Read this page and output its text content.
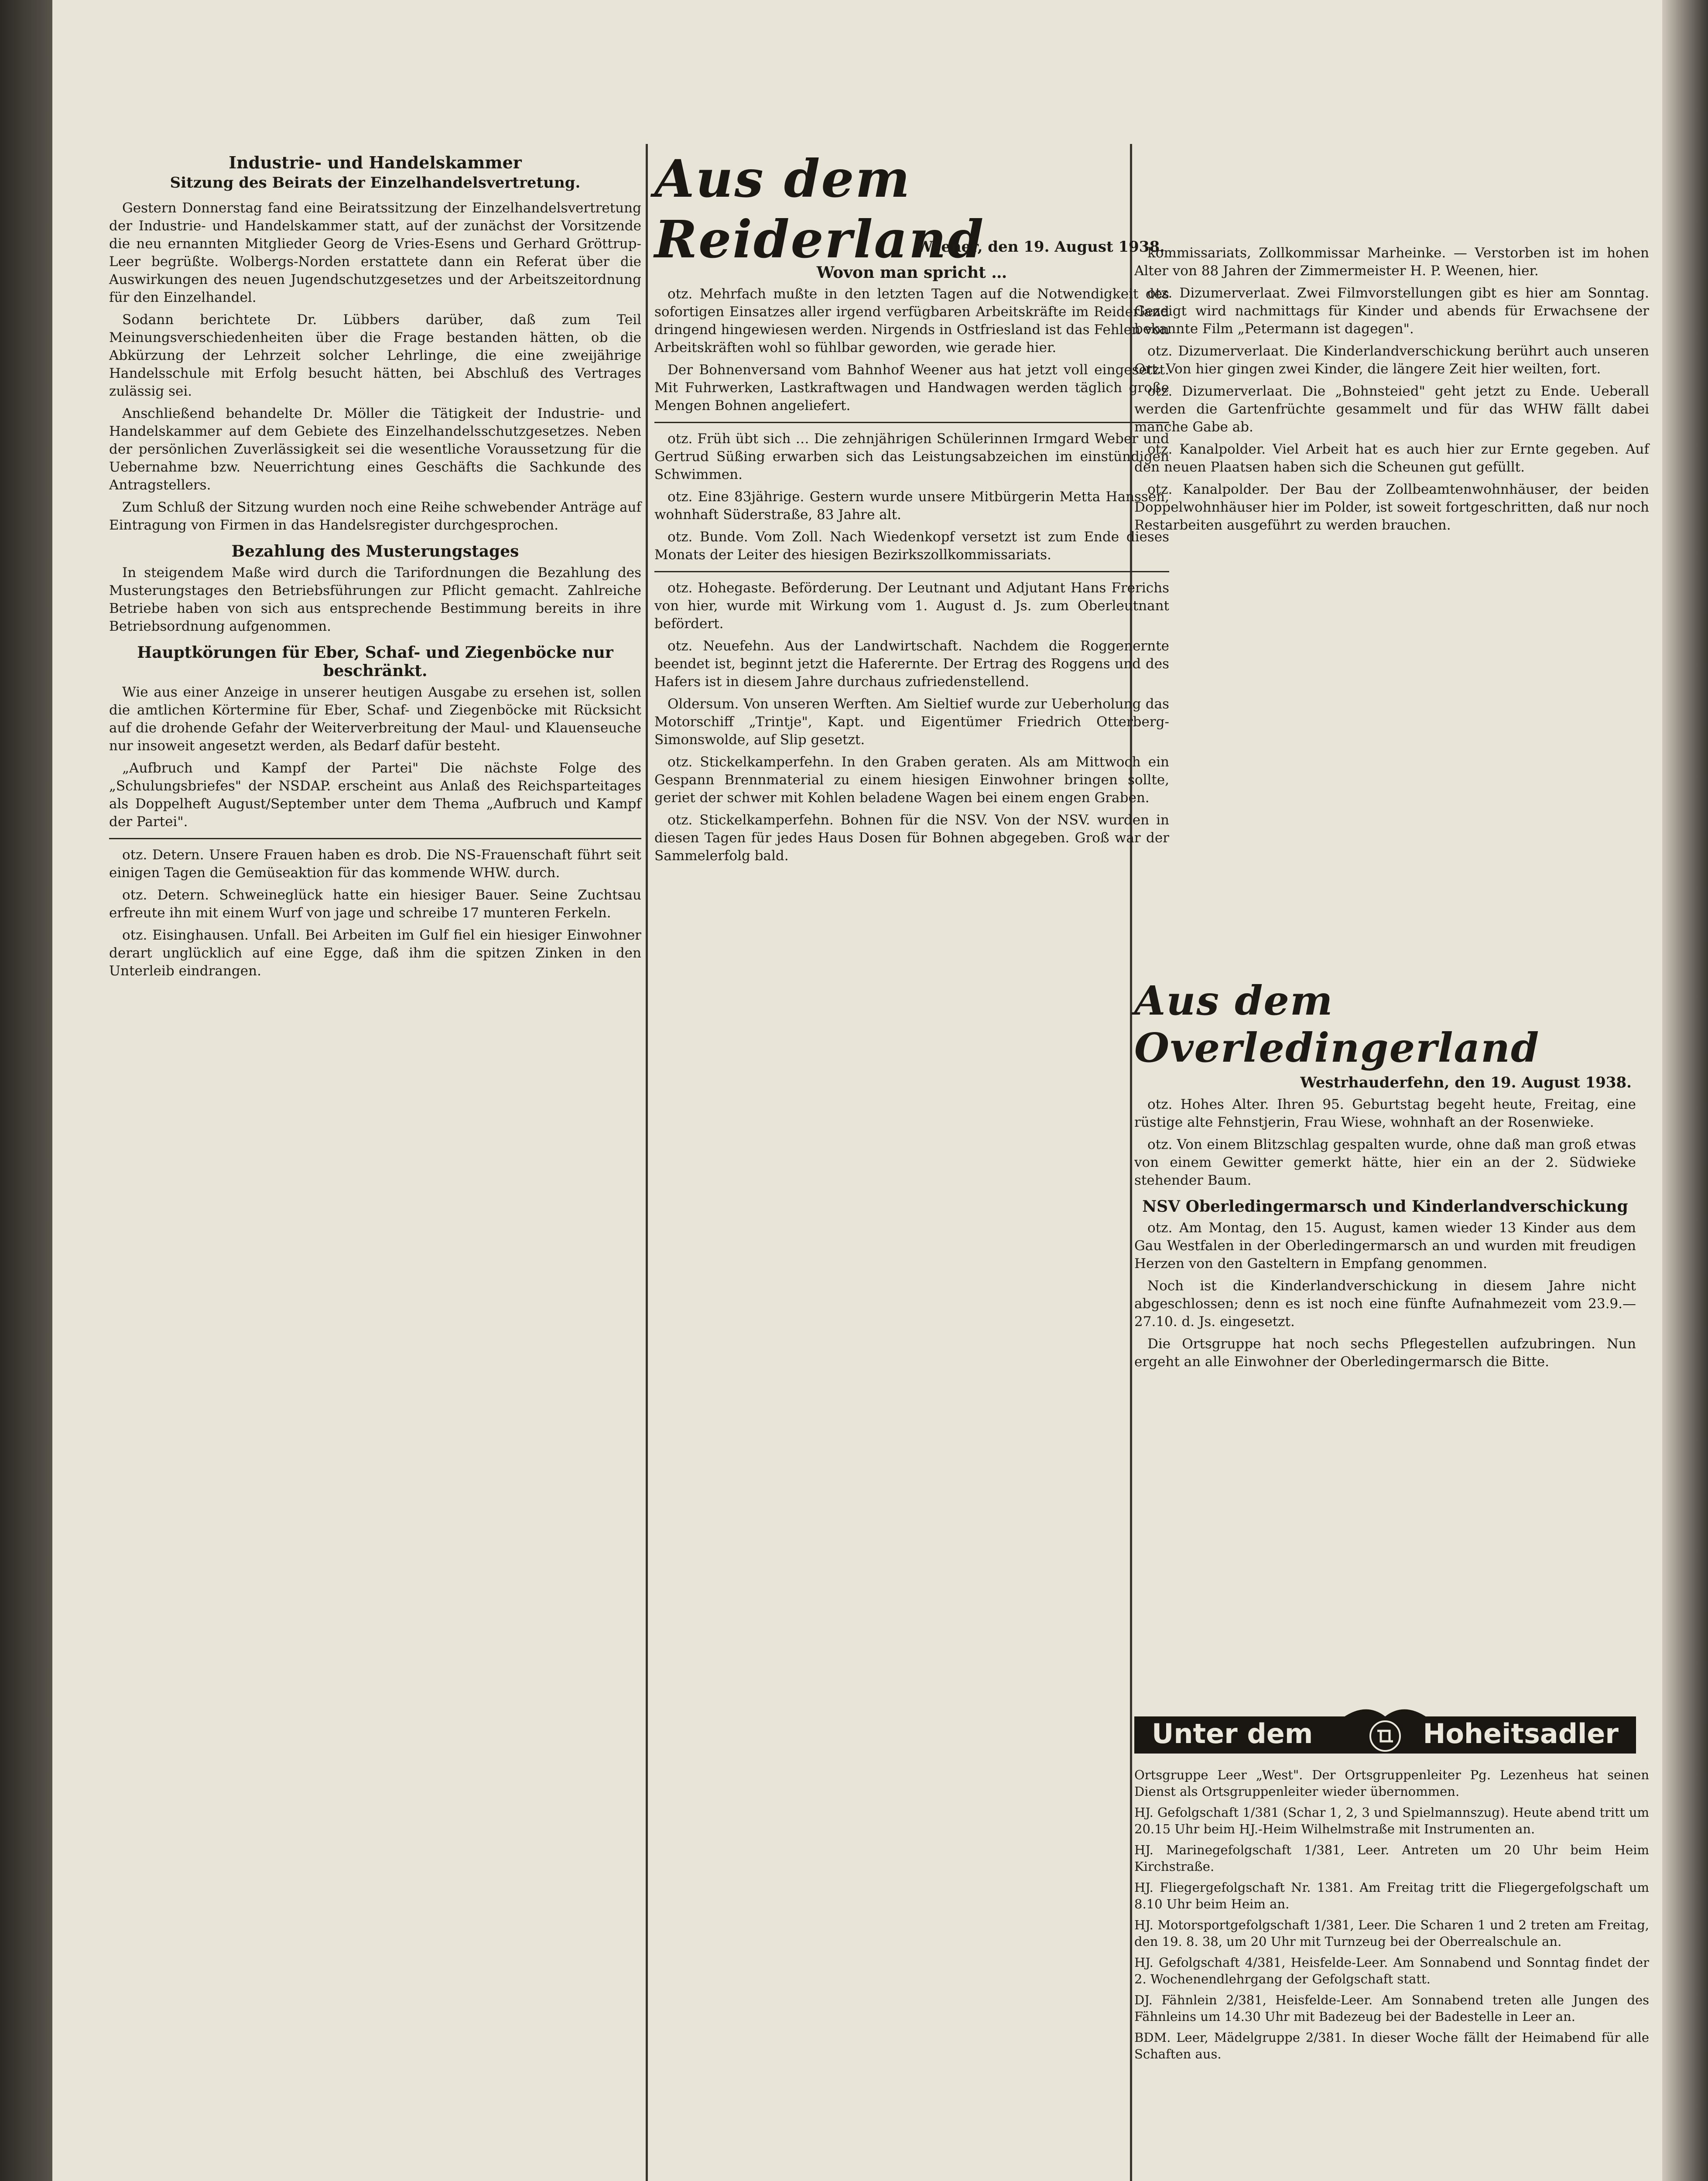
Industrie- und Handelskammer
Sitzung des Beirats der Einzelhandelsvertretung.

Gestern Donnerstag fand eine Beiratssitzung der Einzelhandelsvertretung der Industrie- und Handelskammer statt, auf der zunächst der Vorsitzende die neu ernannten Mitglieder Georg de Vries-Esens und Gerhard Gröttrup-Leer begrüßte. Wolbergs-Norden erstattete dann ein Referat über die Auswirkungen des neuen Jugendschutzgesetzes und der Arbeitszeitordnung für den Einzelhandel.

Sodann berichtete Dr. Lübbers darüber, daß zum Teil Meinungsverschiedenheiten über die Frage bestanden hätten, ob die Abkürzung der Lehrzeit solcher Lehrlinge, die eine zweijährige Handelsschule mit Erfolg besucht hätten, bei Abschluß des Vertrages zulässig sei.

Anschließend behandelte Dr. Möller die Tätigkeit der Industrie- und Handelskammer auf dem Gebiete des Einzelhandelsschutzgesetzes. Neben der persönlichen Zuverlässigkeit sei die wesentliche Voraussetzung für die Uebernahme bzw. Neuerrichtung eines Geschäfts die Sachkunde des Antragstellers.

Zum Schluß der Sitzung wurden noch eine Reihe schwebender Anträge auf Eintragung von Firmen in das Handelsregister durchgesprochen.

Bezahlung des Musterungstages

In steigendem Maße wird durch die Tarifordnungen die Bezahlung des Musterungstages den Betriebsführungen zur Pflicht gemacht. Zahlreiche Betriebe haben von sich aus entsprechende Bestimmung bereits in ihre Betriebsordnung aufgenommen.

Hauptkörungen für Eber, Schaf- und Ziegenböcke nur beschränkt.

Wie aus einer Anzeige in unserer heutigen Ausgabe zu ersehen ist, sollen die amtlichen Körtermine für Eber, Schaf- und Ziegenböcke mit Rücksicht auf die drohende Gefahr der Weiterverbreitung der Maul- und Klauenseuche nur insoweit angesetzt werden, als Bedarf dafür besteht.

„Aufbruch und Kampf der Partei" Die nächste Folge des „Schulungsbriefes" der NSDAP. erscheint aus Anlaß des Reichsparteitages als Doppelheft August/September unter dem Thema „Aufbruch und Kampf der Partei".

otz. Detern. Unsere Frauen haben es drob. Die NS-Frauenschaft führt seit einigen Tagen die Gemüseaktion für das kommende WHW. durch.

otz. Detern. Schweineglück hatte ein hiesiger Bauer. Seine Zuchtsau erfreute ihn mit einem Wurf von jage und schreibe 17 munteren Ferkeln.

otz. Eisinghausen. Unfall. Bei Arbeiten im Gulf fiel ein hiesiger Einwohner derart unglücklich auf eine Egge, daß ihm die spitzen Zinken in den Unterleib eindrangen.

Aus dem Reiderland
Weener, den 19. August 1938.
Wovon man spricht …

otz. Mehrfach mußte in den letzten Tagen auf die Notwendigkeit des sofortigen Einsatzes aller irgend verfügbaren Arbeitskräfte im Reiderland dringend hingewiesen werden. Nirgends in Ostfriesland ist das Fehlen von Arbeitskräften wohl so fühlbar geworden, wie gerade hier.

Der Bohnenversand vom Bahnhof Weener aus hat jetzt voll eingesetzt. Mit Fuhrwerken, Lastkraftwagen und Handwagen werden täglich große Mengen Bohnen angeliefert.

otz. Früh übt sich … Die zehnjährigen Schülerinnen Irmgard Weber und Gertrud Süßing erwarben sich das Leistungsabzeichen im einstündigen Schwimmen.

otz. Eine 83jährige. Gestern wurde unsere Mitbürgerin Metta Hanssen, wohnhaft Süderstraße, 83 Jahre alt.

otz. Bunde. Vom Zoll. Nach Wiedenkopf versetzt ist zum Ende dieses Monats der Leiter des hiesigen Bezirkszollkommissariats.

otz. Hohegaste. Beförderung. Der Leutnant und Adjutant Hans Frerichs von hier, wurde mit Wirkung vom 1. August d. Js. zum Oberleutnant befördert.

otz. Neuefehn. Aus der Landwirtschaft. Nachdem die Roggenernte beendet ist, beginnt jetzt die Haferernte. Der Ertrag des Roggens und des Hafers ist in diesem Jahre durchaus zufriedenstellend.

Oldersum. Von unseren Werften. Am Sieltief wurde zur Ueberholung das Motorschiff „Trintje", Kapt. und Eigentümer Friedrich Otterberg-Simonswolde, auf Slip gesetzt.

otz. Stickelkamperfehn. In den Graben geraten. Als am Mittwoch ein Gespann Brennmaterial zu einem hiesigen Einwohner bringen sollte, geriet der schwer mit Kohlen beladene Wagen bei einem engen Graben.

otz. Stickelkamperfehn. Bohnen für die NSV. Von der NSV. wurden in diesen Tagen für jedes Haus Dosen für Bohnen abgegeben. Groß war der Sammelerfolg bald.

kommissariats, Zollkommissar Marheinke. — Verstorben ist im hohen Alter von 88 Jahren der Zimmermeister H. P. Weenen, hier.

otz. Dizumerverlaat. Zwei Filmvorstellungen gibt es hier am Sonntag. Gezeigt wird nachmittags für Kinder und abends für Erwachsene der bekannte Film „Petermann ist dagegen".

otz. Dizumerverlaat. Die Kinderlandverschickung berührt auch unseren Ort. Von hier gingen zwei Kinder, die längere Zeit hier weilten, fort.

otz. Dizumerverlaat. Die „Bohnsteied" geht jetzt zu Ende. Ueberall werden die Gartenfrüchte gesammelt und für das WHW fällt dabei manche Gabe ab.

otz. Kanalpolder. Viel Arbeit hat es auch hier zur Ernte gegeben. Auf den neuen Plaatsen haben sich die Scheunen gut gefüllt.

otz. Kanalpolder. Der Bau der Zollbeamtenwohnhäuser, der beiden Doppelwohnhäuser hier im Polder, ist soweit fortgeschritten, daß nur noch Restarbeiten ausgeführt zu werden brauchen.

Aus dem Overledingerland
Westrhauderfehn, den 19. August 1938.

otz. Hohes Alter. Ihren 95. Geburtstag begeht heute, Freitag, eine rüstige alte Fehnstjerin, Frau Wiese, wohnhaft an der Rosenwieke.

otz. Von einem Blitzschlag gespalten wurde, ohne daß man groß etwas von einem Gewitter gemerkt hätte, hier ein an der 2. Südwieke stehender Baum.

NSV Oberledingermarsch und Kinderlandverschickung

otz. Am Montag, den 15. August, kamen wieder 13 Kinder aus dem Gau Westfalen in der Oberledingermarsch an und wurden mit freudigen Herzen von den Gasteltern in Empfang genommen.

Noch ist die Kinderlandverschickung in diesem Jahre nicht abgeschlossen; denn es ist noch eine fünfte Aufnahmezeit vom 23.9.—27.10. d. Js. eingesetzt.

Die Ortsgruppe hat noch sechs Pflegestellen aufzubringen. Nun ergeht an alle Einwohner der Oberledingermarsch die Bitte.

Unter dem	Hoheitsadler

Ortsgruppe Leer „West". Der Ortsgruppenleiter Pg. Lezenheus hat seinen Dienst als Ortsgruppenleiter wieder übernommen.

HJ. Gefolgschaft 1/381 (Schar 1, 2, 3 und Spielmannszug). Heute abend tritt um 20.15 Uhr beim HJ.-Heim Wilhelmstraße mit Instrumenten an.

HJ. Marinegefolgschaft 1/381, Leer. Antreten um 20 Uhr beim Heim Kirchstraße.

HJ. Fliegergefolgschaft Nr. 1381. Am Freitag tritt die Fliegergefolgschaft um 8.10 Uhr beim Heim an.

HJ. Motorsportgefolgschaft 1/381, Leer. Die Scharen 1 und 2 treten am Freitag, den 19. 8. 38, um 20 Uhr mit Turnzeug bei der Oberrealschule an.

HJ. Gefolgschaft 4/381, Heisfelde-Leer. Am Sonnabend und Sonntag findet der 2. Wochenendlehrgang der Gefolgschaft statt.

DJ. Fähnlein 2/381, Heisfelde-Leer. Am Sonnabend treten alle Jungen des Fähnleins um 14.30 Uhr mit Badezeug bei der Badestelle in Leer an.

BDM. Leer, Mädelgruppe 2/381. In dieser Woche fällt der Heimabend für alle Schaften aus.
